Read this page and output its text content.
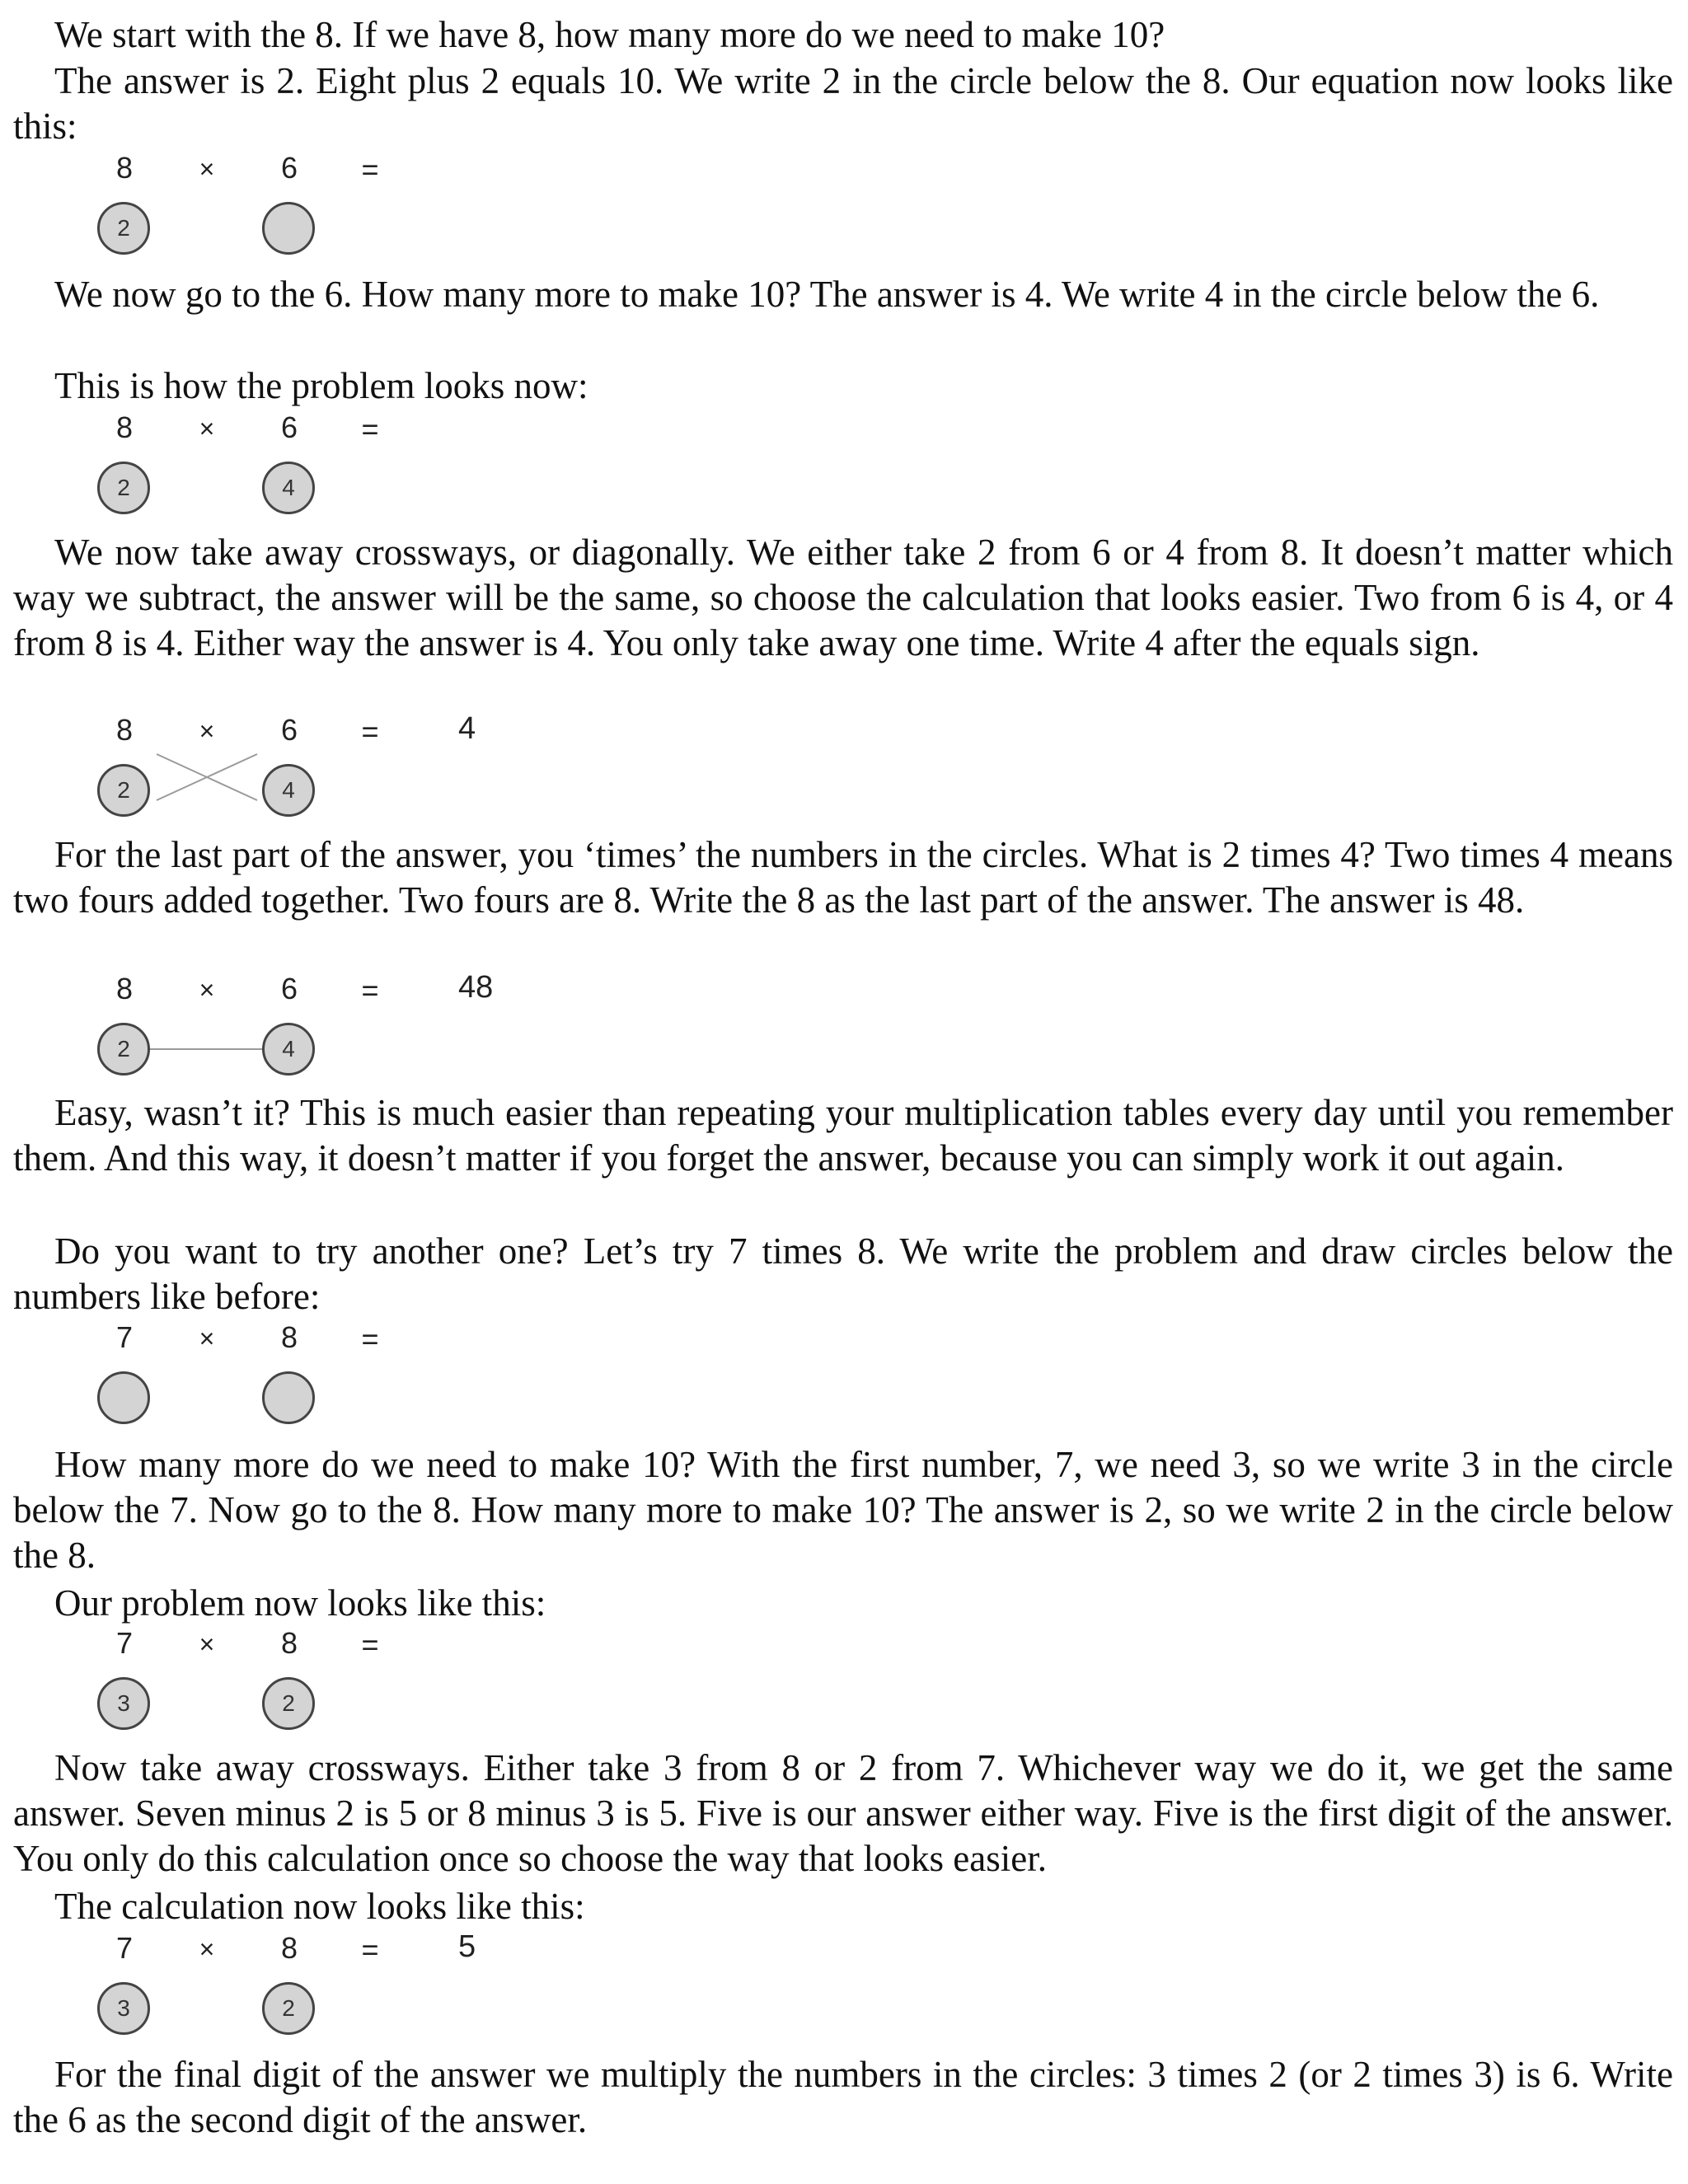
We start with the 8. If we have 8, how many more do we need to make 10?

The answer is 2. Eight plus 2 equals 10. We write 2 in the circle below the 8. Our equation now looks like this:

8	×	6	=
2

We now go to the 6. How many more to make 10? The answer is 4. We write 4 in the circle below the 6.

This is how the problem looks now:

8	×	6	=
2	4

We now take away crossways, or diagonally. We either take 2 from 6 or 4 from 8. It doesn’t matter which way we subtract, the answer will be the same, so choose the calculation that looks easier. Two from 6 is 4, or 4 from 8 is 4. Either way the answer is 4. You only take away one time. Write 4 after the equals sign.

8	×	6	=	4
2	4

For the last part of the answer, you ‘times’ the numbers in the circles. What is 2 times 4? Two times 4 means two fours added together. Two fours are 8. Write the 8 as the last part of the answer. The answer is 48.

8	×	6	=	48
2	4

Easy, wasn’t it? This is much easier than repeating your multiplication tables every day until you remember them. And this way, it doesn’t matter if you forget the answer, because you can simply work it out again.

Do you want to try another one? Let’s try 7 times 8. We write the problem and draw circles below the numbers like before:

7	×	8	=

How many more do we need to make 10? With the first number, 7, we need 3, so we write 3 in the circle below the 7. Now go to the 8. How many more to make 10? The answer is 2, so we write 2 in the circle below the 8.

Our problem now looks like this:

7	×	8	=
3	2

Now take away crossways. Either take 3 from 8 or 2 from 7. Whichever way we do it, we get the same answer. Seven minus 2 is 5 or 8 minus 3 is 5. Five is our answer either way. Five is the first digit of the answer. You only do this calculation once so choose the way that looks easier.

The calculation now looks like this:

7	×	8	=	5
3	2

For the final digit of the answer we multiply the numbers in the circles: 3 times 2 (or 2 times 3) is 6. Write the 6 as the second digit of the answer.
